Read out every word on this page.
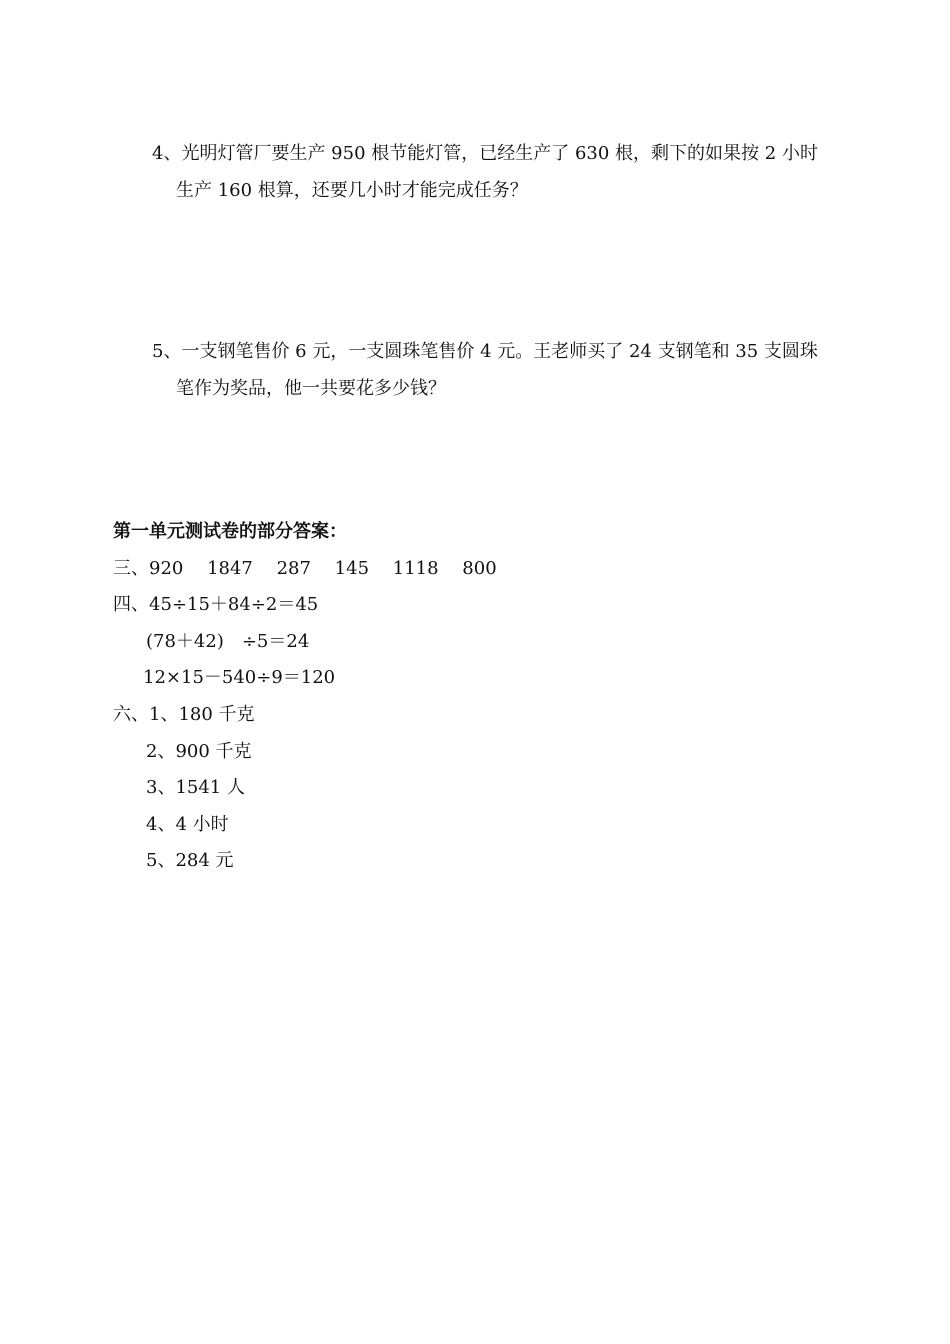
4、光明灯管厂要生产 950 根节能灯管，已经生产了 630 根，剩下的如果按 2 小时
生产 160 根算，还要几小时才能完成任务？
5、一支钢笔售价 6 元，一支圆珠笔售价 4 元。王老师买了 24 支钢笔和 35 支圆珠
笔作为奖品，他一共要花多少钱？
第一单元测试卷的部分答案：
三、920　 1847　 287　 145　 1118　 800
四、45÷15＋84÷2＝45
(78＋42)　÷5＝24
12×15－540÷9＝120
六、1、180 千克
2、900 千克
3、1541 人
4、4 小时
5、284 元
